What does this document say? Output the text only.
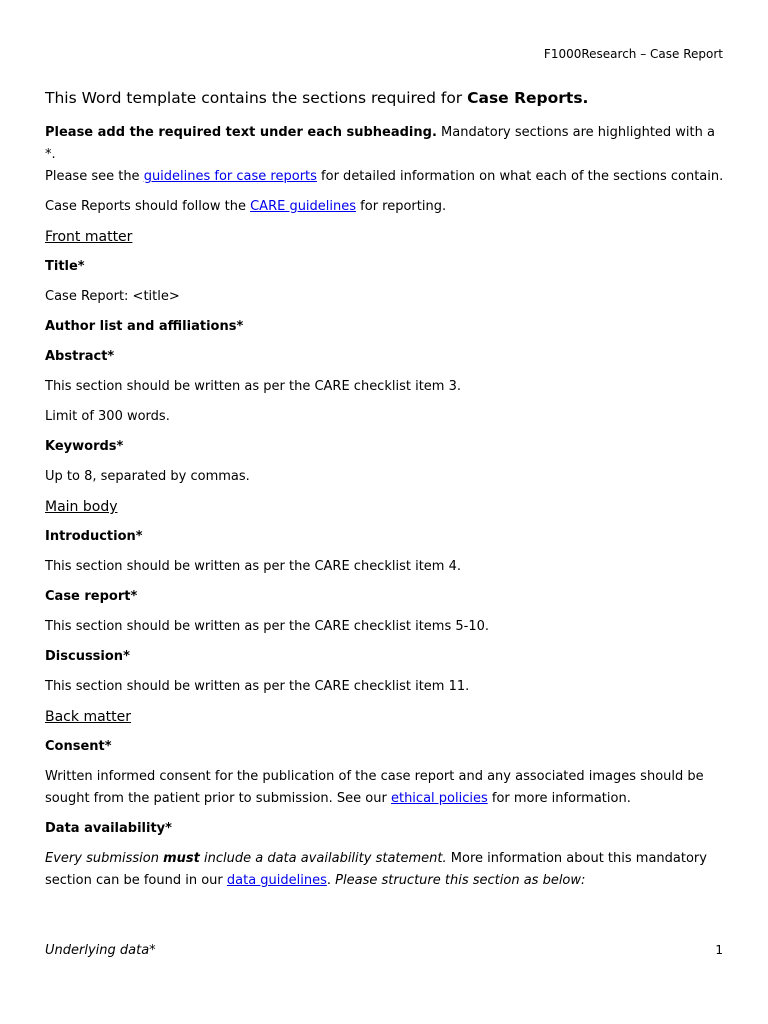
F1000Research – Case Report

This Word template contains the sections required for Case Reports.

Please add the required text under each subheading. Mandatory sections are highlighted with a *.

Please see the guidelines for case reports for detailed information on what each of the sections contain.

Case Reports should follow the CARE guidelines for reporting.

Front matter

Title*

Case Report: <title>

Author list and affiliations*

Abstract*

This section should be written as per the CARE checklist item 3.

Limit of 300 words.

Keywords*

Up to 8, separated by commas.

Main body

Introduction*

This section should be written as per the CARE checklist item 4.

Case report*

This section should be written as per the CARE checklist items 5-10.

Discussion*

This section should be written as per the CARE checklist item 11.

Back matter

Consent*

Written informed consent for the publication of the case report and any associated images should be sought from the patient prior to submission. See our ethical policies for more information.

Data availability*

Every submission must include a data availability statement. More information about this mandatory section can be found in our data guidelines. Please structure this section as below:

Underlying data*	1
